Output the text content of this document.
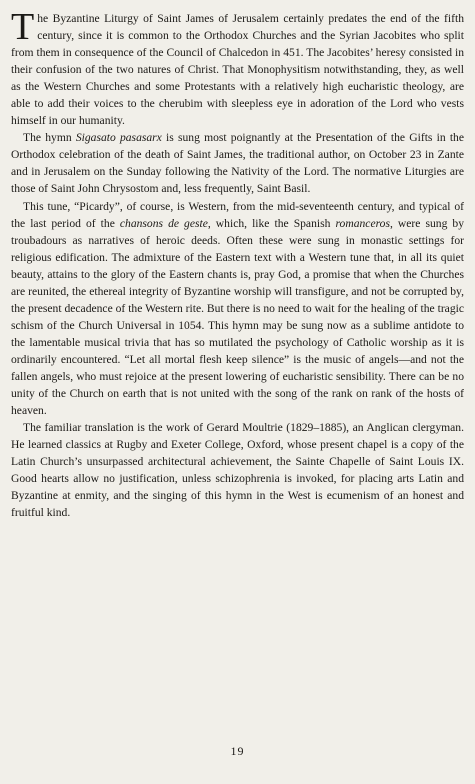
The Byzantine Liturgy of Saint James of Jerusalem certainly predates the end of the fifth century, since it is common to the Orthodox Churches and the Syrian Jacobites who split from them in consequence of the Council of Chalcedon in 451. The Jacobites’ heresy consisted in their confusion of the two natures of Christ. That Monophysitism notwithstanding, they, as well as the Western Churches and some Protestants with a relatively high eucharistic theology, are able to add their voices to the cherubim with sleepless eye in adoration of the Lord who vests himself in our humanity.

The hymn Sigasato pasasarx is sung most poignantly at the Presentation of the Gifts in the Orthodox celebration of the death of Saint James, the traditional author, on October 23 in Zante and in Jerusalem on the Sunday following the Nativity of the Lord. The normative Liturgies are those of Saint John Chrysostom and, less frequently, Saint Basil.

This tune, “Picardy”, of course, is Western, from the mid-seventeenth century, and typical of the last period of the chansons de geste, which, like the Spanish romanceros, were sung by troubadours as narratives of heroic deeds. Often these were sung in monastic settings for religious edification. The admixture of the Eastern text with a Western tune that, in all its quiet beauty, attains to the glory of the Eastern chants is, pray God, a promise that when the Churches are reunited, the ethereal integrity of Byzantine worship will transfigure, and not be corrupted by, the present decadence of the Western rite. But there is no need to wait for the healing of the tragic schism of the Church Universal in 1054. This hymn may be sung now as a sublime antidote to the lamentable musical trivia that has so mutilated the psychology of Catholic worship as it is ordinarily encountered. “Let all mortal flesh keep silence” is the music of angels—and not the fallen angels, who must rejoice at the present lowering of eucharistic sensibility. There can be no unity of the Church on earth that is not united with the song of the rank on rank of the hosts of heaven.

The familiar translation is the work of Gerard Moultrie (1829–1885), an Anglican clergyman. He learned classics at Rugby and Exeter College, Oxford, whose present chapel is a copy of the Latin Church’s unsurpassed architectural achievement, the Sainte Chapelle of Saint Louis IX. Good hearts allow no justification, unless schizophrenia is invoked, for placing arts Latin and Byzantine at enmity, and the singing of this hymn in the West is ecumenism of an honest and fruitful kind.

19
